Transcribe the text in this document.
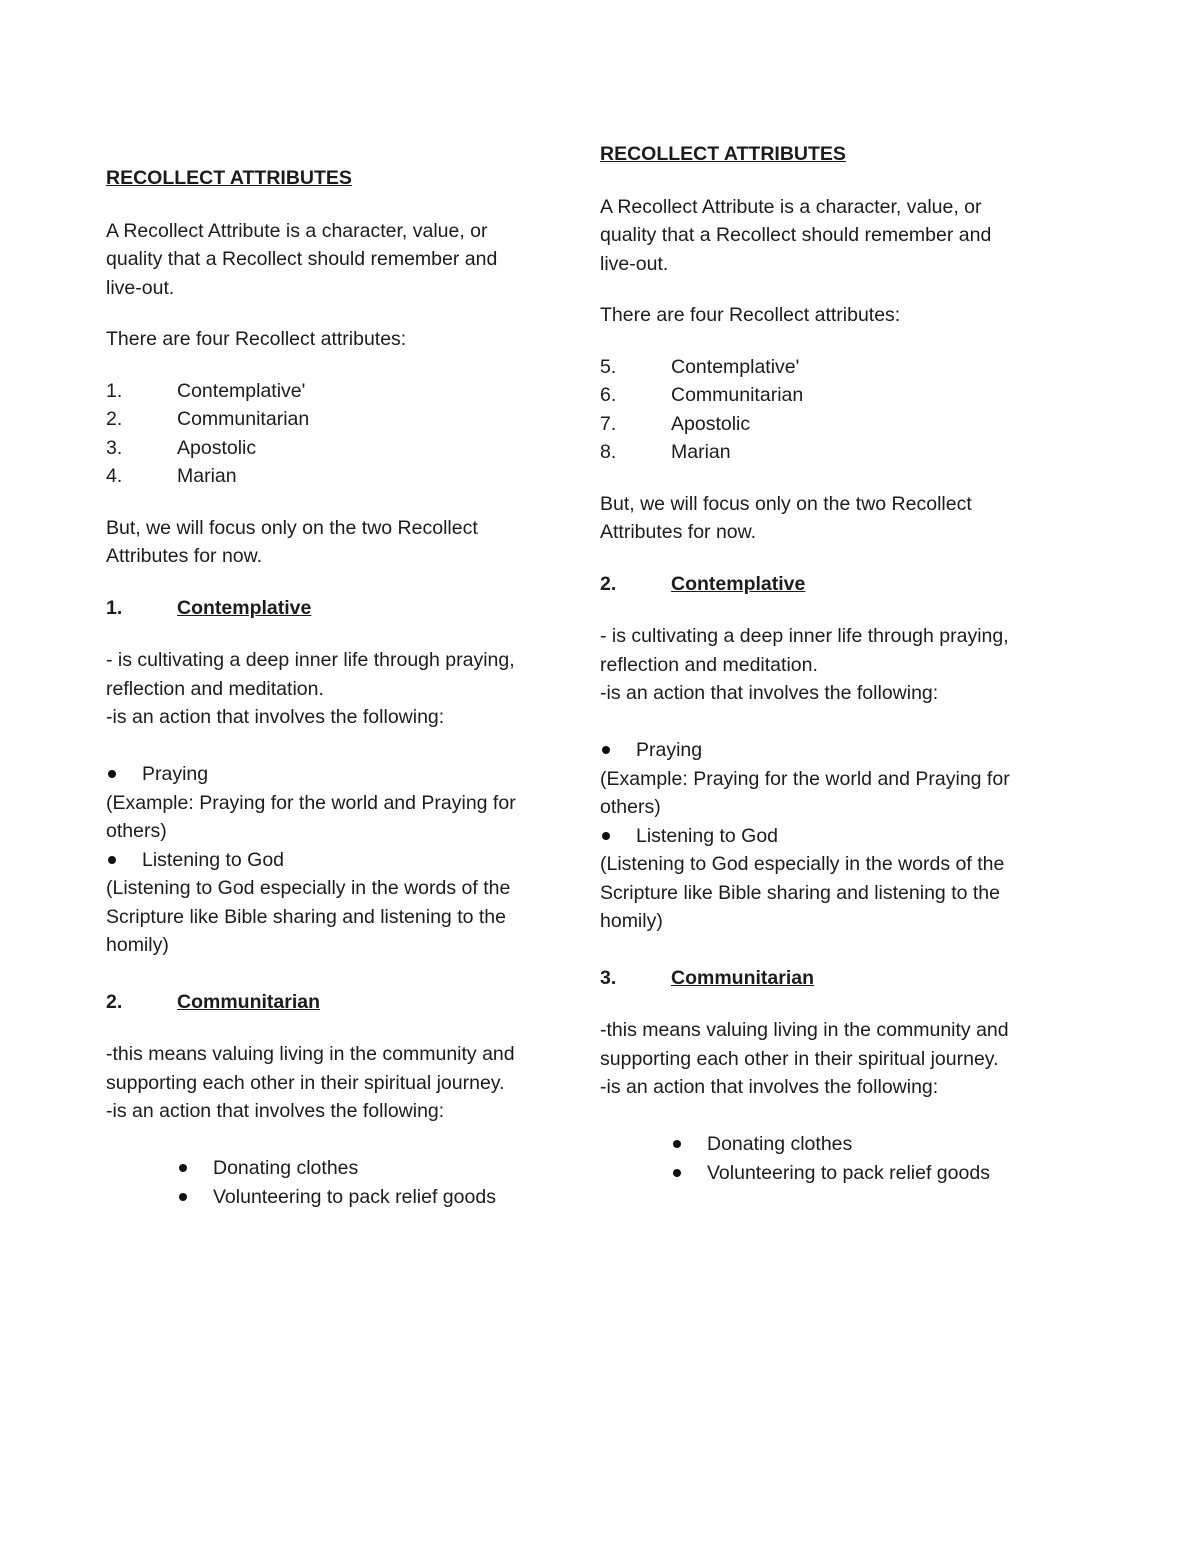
RECOLLECT ATTRIBUTES
A Recollect Attribute is a character, value, or
quality that a Recollect should remember and
live-out.
There are four Recollect attributes:
1.	Contemplative'
2.	Communitarian
3.	Apostolic
4.	Marian
But, we will focus only on the two Recollect
Attributes for now.
1.	Contemplative
- is cultivating a deep inner life through praying,
reflection and meditation.
-is an action that involves the following:
Praying
(Example: Praying for the world and Praying for
others)
Listening to God
(Listening to God especially in the words of the
Scripture like Bible sharing and listening to the
homily)
2.	Communitarian
-this means valuing living in the community and
supporting each other in their spiritual journey.
-is an action that involves the following:
Donating clothes
Volunteering to pack relief goods
RECOLLECT ATTRIBUTES
A Recollect Attribute is a character, value, or
quality that a Recollect should remember and
live-out.
There are four Recollect attributes:
5.	Contemplative'
6.	Communitarian
7.	Apostolic
8.	Marian
But, we will focus only on the two Recollect
Attributes for now.
2.	Contemplative
- is cultivating a deep inner life through praying,
reflection and meditation.
-is an action that involves the following:
Praying
(Example: Praying for the world and Praying for
others)
Listening to God
(Listening to God especially in the words of the
Scripture like Bible sharing and listening to the
homily)
3.	Communitarian
-this means valuing living in the community and
supporting each other in their spiritual journey.
-is an action that involves the following:
Donating clothes
Volunteering to pack relief goods
